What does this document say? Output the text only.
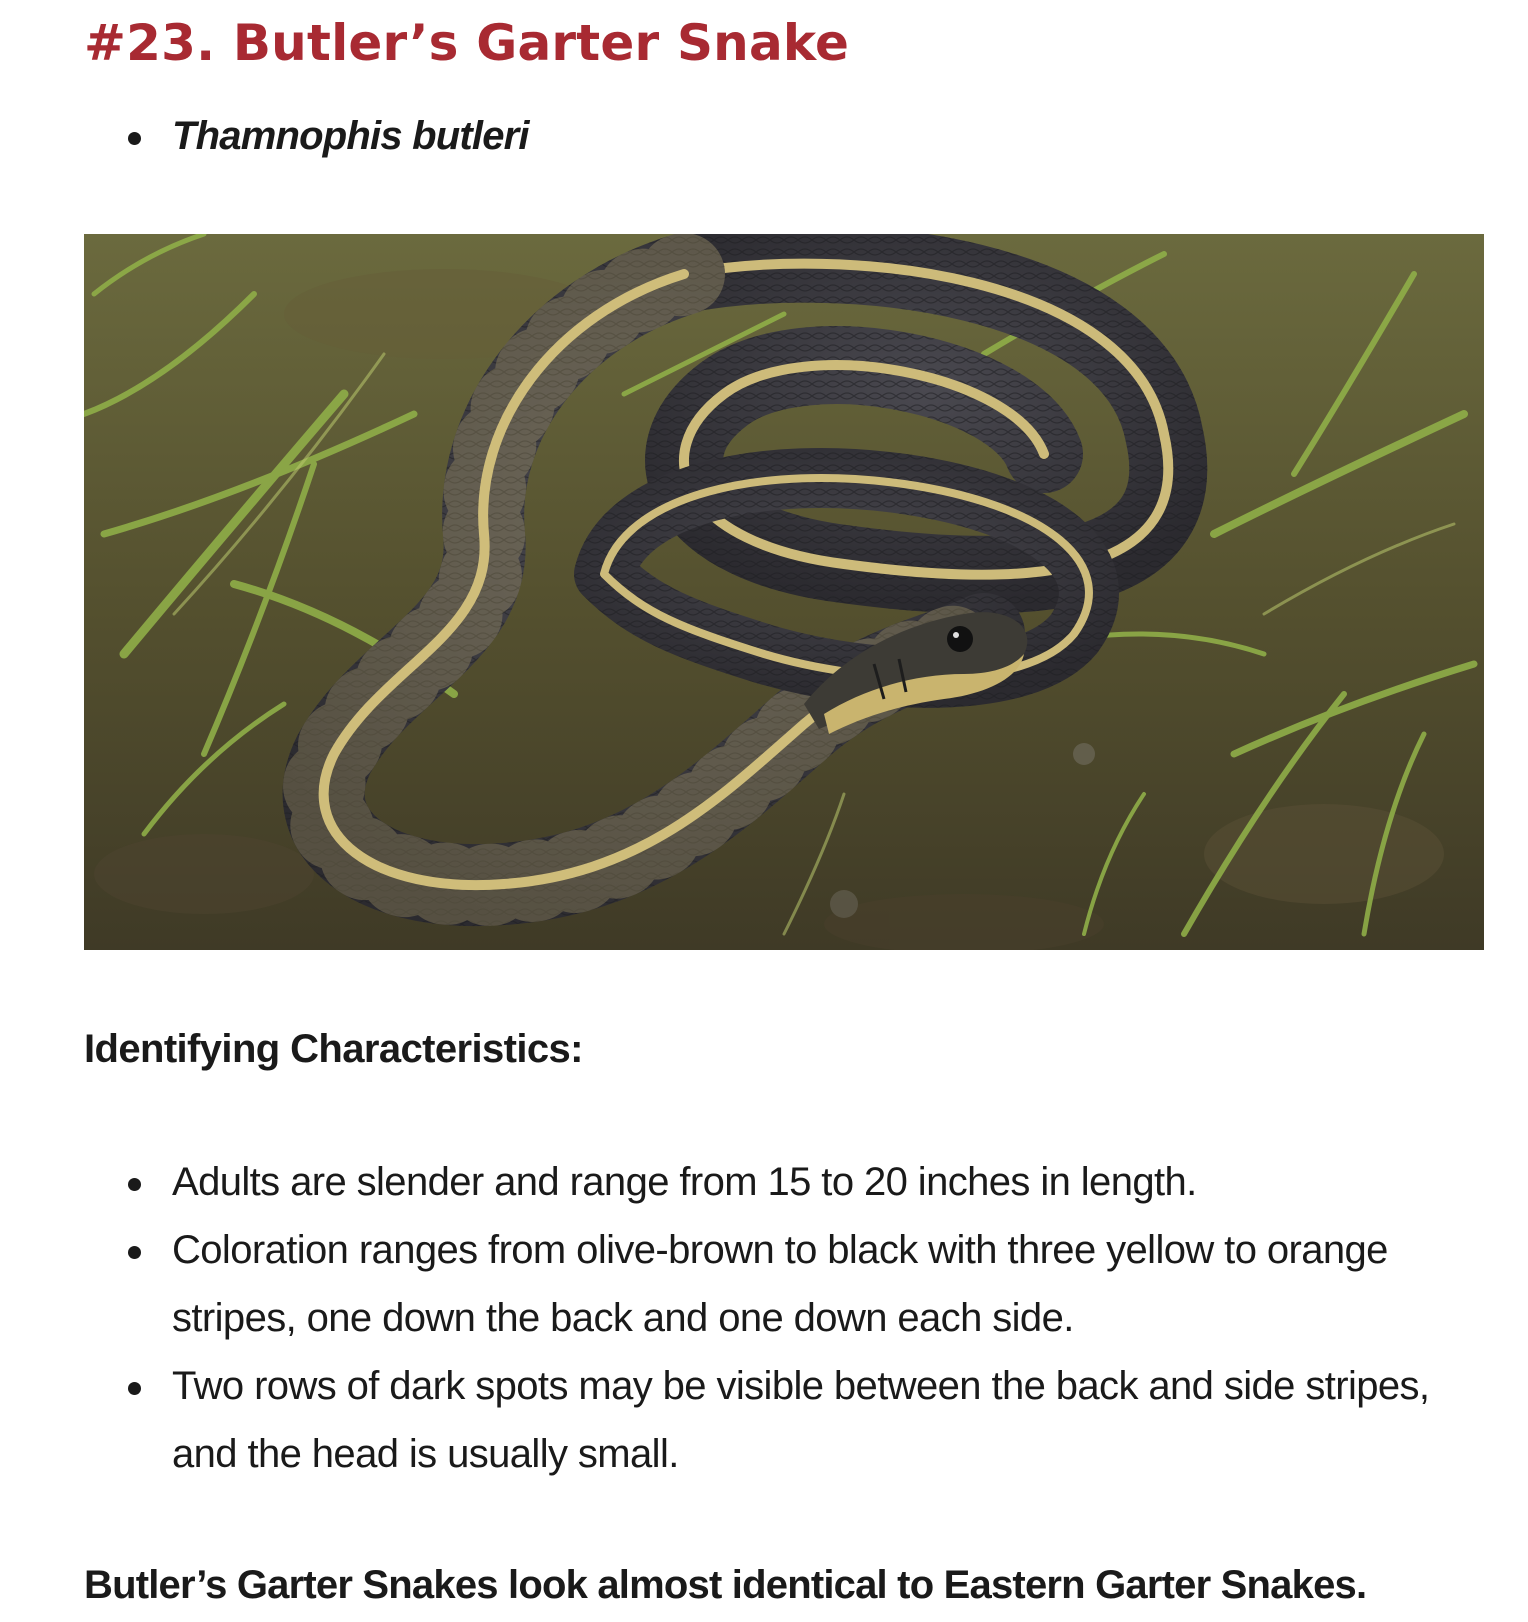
#23. Butler’s Garter Snake
Thamnophis butleri
Identifying Characteristics:
Adults are slender and range from 15 to 20 inches in length.
Coloration ranges from olive-brown to black with three yellow to orange stripes, one down the back and one down each side.
Two rows of dark spots may be visible between the back and side stripes, and the head is usually small.

Butler’s Garter Snakes look almost identical to Eastern Garter Snakes.
